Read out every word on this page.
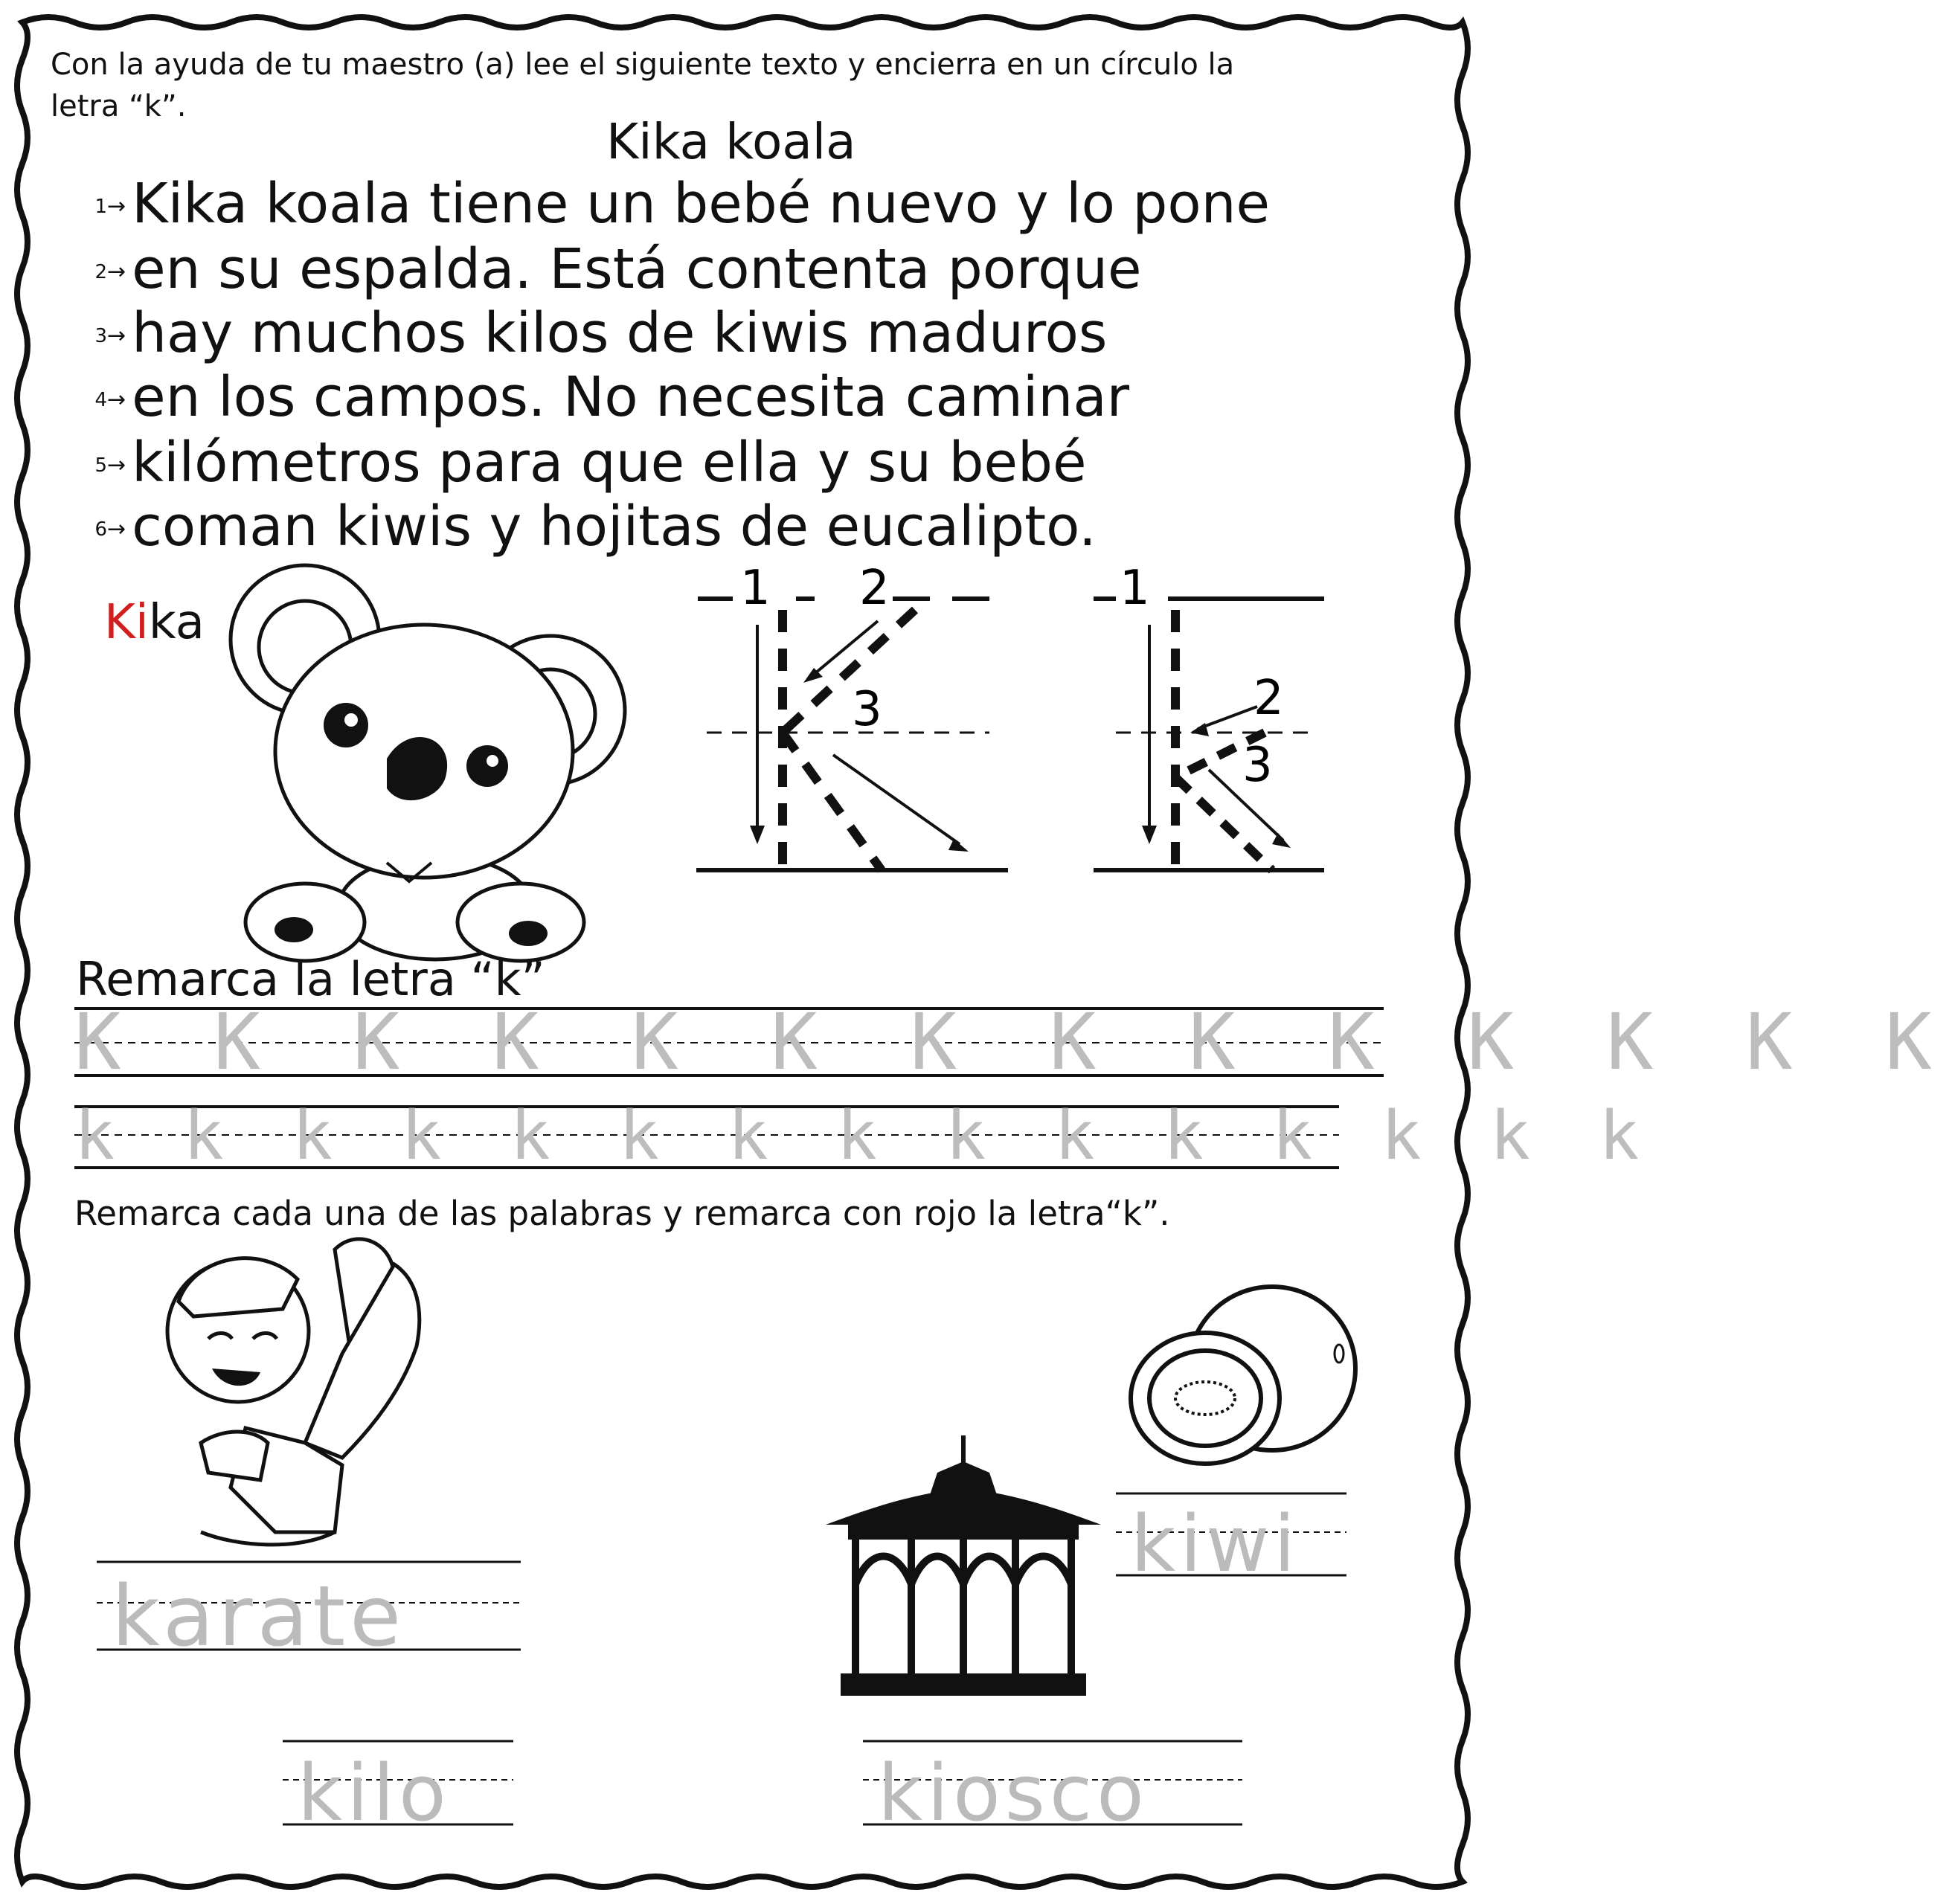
Con la ayuda de tu maestro (a) lee el siguiente texto y encierra en un círculo la
letra “k”.
Kika koala
1→ Kika koala tiene un bebé nuevo y lo pone
2→ en su espalda. Está contenta porque
3→ hay muchos kilos de kiwis maduros
4→ en los campos. No necesita caminar
5→ kilómetros para que ella y su bebé
6→ coman kiwis y hojitas de eucalipto.
Kika
1 2
3
1
2
3
Remarca la letra “k”
K K K K K K K K K K K K K K
k k k k k k k k k k k k k k k
Remarca cada una de las palabras y remarca con rojo la letra“k”.
karate
kiwi
kilo	kiosco
